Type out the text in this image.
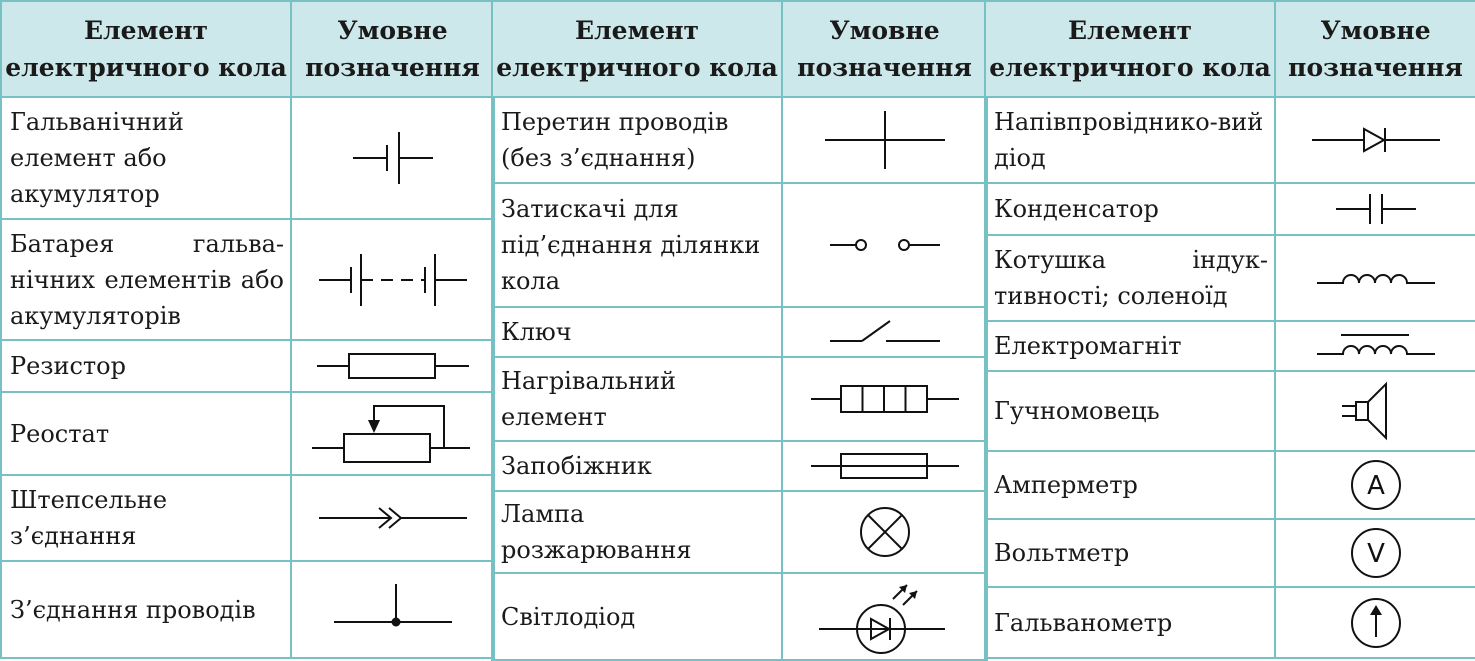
Елемент електричного кола	Умовне позначення
Гальванічний елемент або акумулятор	

Батарея гальва-нічних елементів або акумуляторів	

Резистор	

Реостат	

Штепсельне з’єднання	

З’єднання проводів	
Елемент електричного кола	Умовне позначення
Перетин проводів (без з’єднання)	

Затискачі для під’єднання ділянки кола	

Ключ	

Нагрівальний елемент	

Запобіжник	

Лампа розжарювання	

Світлодіод	
Елемент електричного кола	Умовне позначення
Напівпровіднико-вий діод	

Конденсатор	

Котушка індук-тивності; соленоїд	

Електромагніт	

Гучномовець	

Амперметр	A

Вольтметр	V

Гальванометр	
